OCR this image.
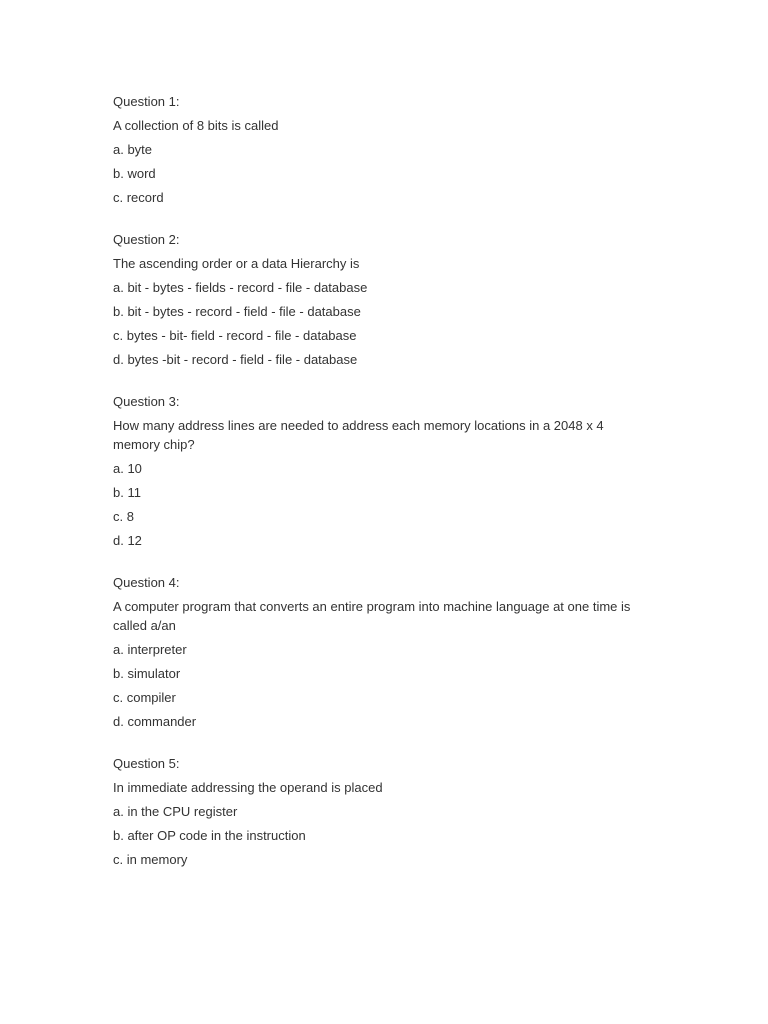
Question 1:
A collection of 8 bits is called
a. byte
b. word
c. record
Question 2:
The ascending order or a data Hierarchy is
a. bit - bytes - fields - record - file - database
b. bit - bytes - record - field - file - database
c. bytes - bit- field - record - file - database
d. bytes -bit - record - field - file - database
Question 3:
How many address lines are needed to address each memory locations in a 2048 x 4 memory chip?
a. 10
b. 11
c. 8
d. 12
Question 4:
A computer program that converts an entire program into machine language at one time is called a/an
a. interpreter
b. simulator
c. compiler
d. commander
Question 5:
In immediate addressing the operand is placed
a. in the CPU register
b. after OP code in the instruction
c. in memory
